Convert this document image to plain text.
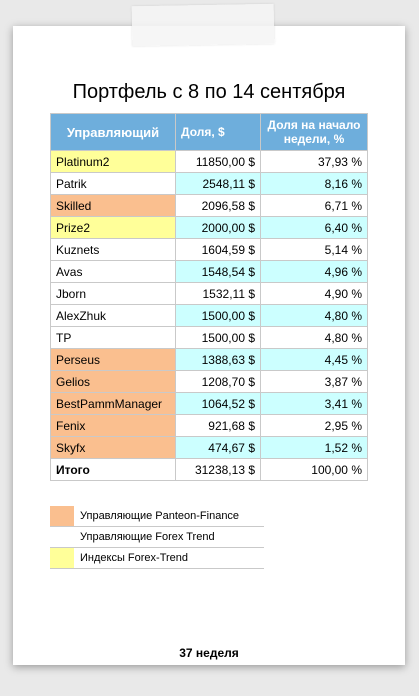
Портфель с 8 по 14 сентября
Управляющий	Доля, $	Доля на начало недели, %
Platinum2	11850,00 $	37,93 %
Patrik	2548,11 $	8,16 %
Skilled	2096,58 $	6,71 %
Prize2	2000,00 $	6,40 %
Kuznets	1604,59 $	5,14 %
Avas	1548,54 $	4,96 %
Jborn	1532,11 $	4,90 %
AlexZhuk	1500,00 $	4,80 %
TP	1500,00 $	4,80 %
Perseus	1388,63 $	4,45 %
Gelios	1208,70 $	3,87 %
BestPammManager	1064,52 $	3,41 %
Fenix	921,68 $	2,95 %
Skyfx	474,67 $	1,52 %
Итого	31238,13 $	100,00 %
Управляющие Panteon-Finance
Управляющие Forex Trend
Индексы Forex-Trend
37 неделя
